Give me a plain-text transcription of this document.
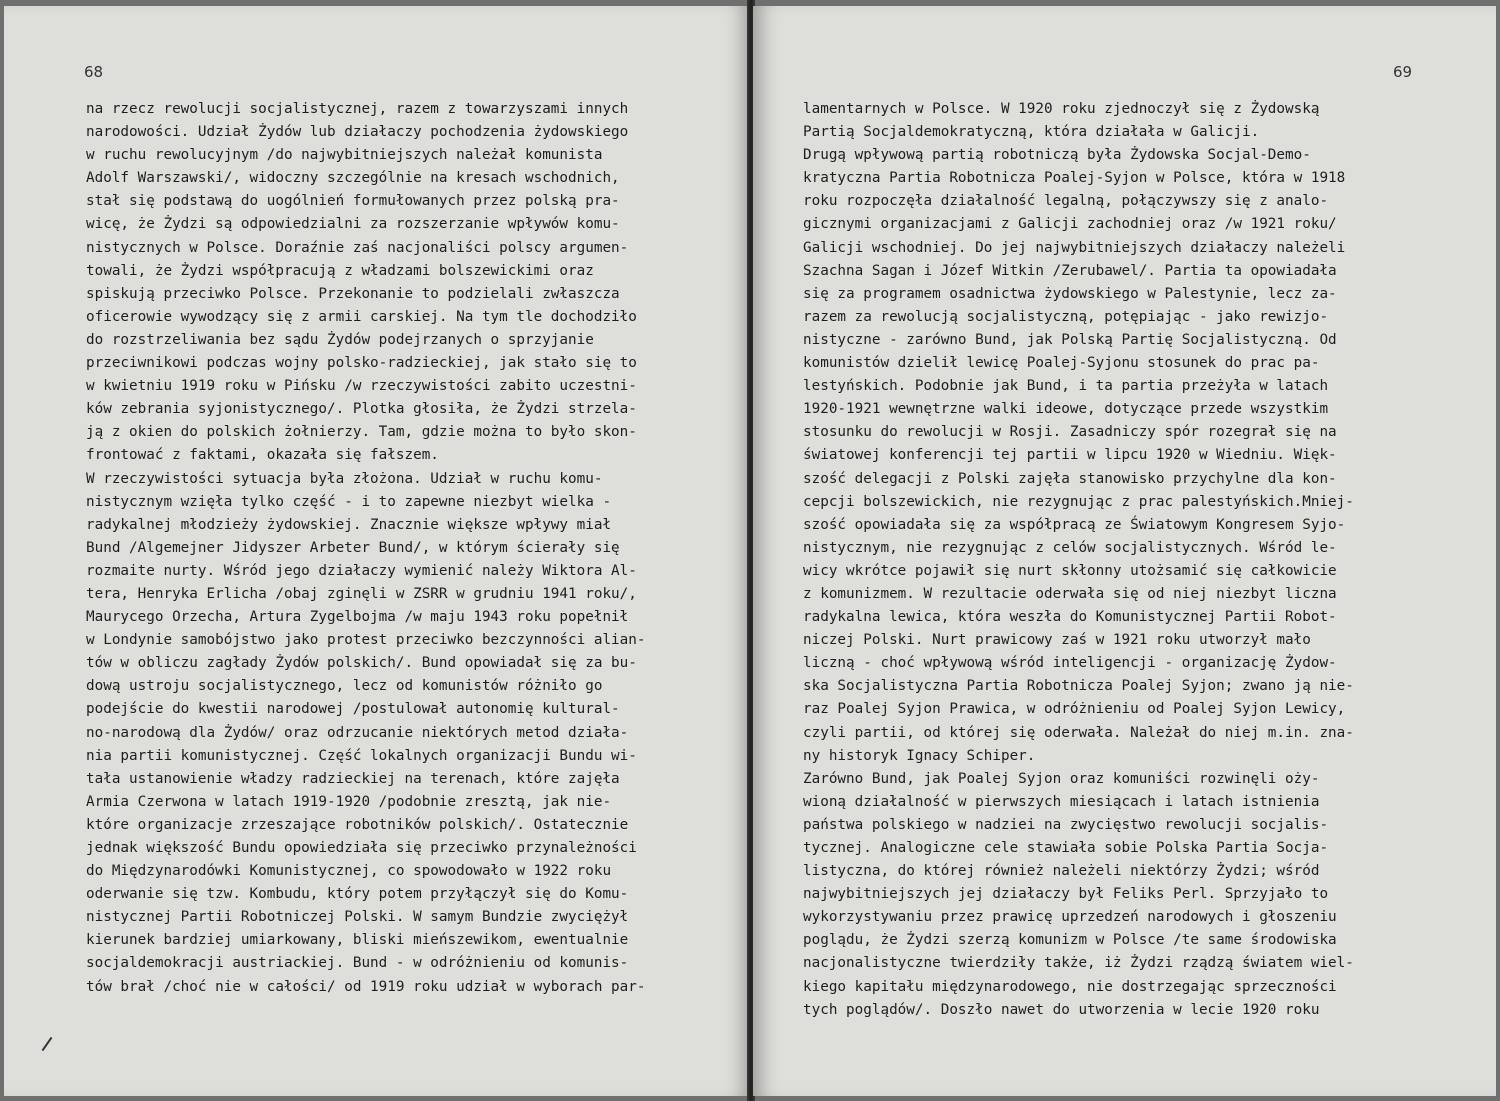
68
na rzecz rewolucji socjalistycznej, razem z towarzyszami innych
narodowości. Udział Żydów lub działaczy pochodzenia żydowskiego
w ruchu rewolucyjnym /do najwybitniejszych należał komunista
Adolf Warszawski/, widoczny szczególnie na kresach wschodnich,
stał się podstawą do uogólnień formułowanych przez polską pra-
wicę, że Żydzi są odpowiedzialni za rozszerzanie wpływów komu-
nistycznych w Polsce. Doraźnie zaś nacjonaliści polscy argumen-
towali, że Żydzi współpracują z władzami bolszewickimi oraz
spiskują przeciwko Polsce. Przekonanie to podzielali zwłaszcza
oficerowie wywodzący się z armii carskiej. Na tym tle dochodziło
do rozstrzeliwania bez sądu Żydów podejrzanych o sprzyjanie
przeciwnikowi podczas wojny polsko-radzieckiej, jak stało się to
w kwietniu 1919 roku w Pińsku /w rzeczywistości zabito uczestni-
ków zebrania syjonistycznego/. Plotka głosiła, że Żydzi strzela-
ją z okien do polskich żołnierzy. Tam, gdzie można to było skon-
frontować z faktami, okazała się fałszem.
W rzeczywistości sytuacja była złożona. Udział w ruchu komu-
nistycznym wzięła tylko część - i to zapewne niezbyt wielka -
radykalnej młodzieży żydowskiej. Znacznie większe wpływy miał
Bund /Algemejner Jidyszer Arbeter Bund/, w którym ścierały się
rozmaite nurty. Wśród jego działaczy wymienić należy Wiktora Al-
tera, Henryka Erlicha /obaj zginęli w ZSRR w grudniu 1941 roku/,
Maurycego Orzecha, Artura Zygelbojma /w maju 1943 roku popełnił
w Londynie samobójstwo jako protest przeciwko bezczynności alian-
tów w obliczu zagłady Żydów polskich/. Bund opowiadał się za bu-
dową ustroju socjalistycznego, lecz od komunistów różniło go
podejście do kwestii narodowej /postulował autonomię kultural-
no-narodową dla Żydów/ oraz odrzucanie niektórych metod działa-
nia partii komunistycznej. Część lokalnych organizacji Bundu wi-
tała ustanowienie władzy radzieckiej na terenach, które zajęła
Armia Czerwona w latach 1919-1920 /podobnie zresztą, jak nie-
które organizacje zrzeszające robotników polskich/. Ostatecznie
jednak większość Bundu opowiedziała się przeciwko przynależności
do Międzynarodówki Komunistycznej, co spowodowało w 1922 roku
oderwanie się tzw. Kombudu, który potem przyłączył się do Komu-
nistycznej Partii Robotniczej Polski. W samym Bundzie zwyciężył
kierunek bardziej umiarkowany, bliski mieńszewikom, ewentualnie
socjaldemokracji austriackiej. Bund - w odróżnieniu od komunis-
tów brał /choć nie w całości/ od 1919 roku udział w wyborach par-
69
lamentarnych w Polsce. W 1920 roku zjednoczył się z Żydowską
Partią Socjaldemokratyczną, która działała w Galicji.
Drugą wpływową partią robotniczą była Żydowska Socjal-Demo-
kratyczna Partia Robotnicza Poalej-Syjon w Polsce, która w 1918
roku rozpoczęła działalność legalną, połączywszy się z analo-
gicznymi organizacjami z Galicji zachodniej oraz /w 1921 roku/
Galicji wschodniej. Do jej najwybitniejszych działaczy należeli
Szachna Sagan i Józef Witkin /Zerubawel/. Partia ta opowiadała
się za programem osadnictwa żydowskiego w Palestynie, lecz za-
razem za rewolucją socjalistyczną, potępiając - jako rewizjo-
nistyczne - zarówno Bund, jak Polską Partię Socjalistyczną. Od
komunistów dzielił lewicę Poalej-Syjonu stosunek do prac pa-
lestyńskich. Podobnie jak Bund, i ta partia przeżyła w latach
1920-1921 wewnętrzne walki ideowe, dotyczące przede wszystkim
stosunku do rewolucji w Rosji. Zasadniczy spór rozegrał się na
światowej konferencji tej partii w lipcu 1920 w Wiedniu. Więk-
szość delegacji z Polski zajęła stanowisko przychylne dla kon-
cepcji bolszewickich, nie rezygnując z prac palestyńskich.Mniej-
szość opowiadała się za współpracą ze Światowym Kongresem Syjo-
nistycznym, nie rezygnując z celów socjalistycznych. Wśród le-
wicy wkrótce pojawił się nurt skłonny utożsamić się całkowicie
z komunizmem. W rezultacie oderwała się od niej niezbyt liczna
radykalna lewica, która weszła do Komunistycznej Partii Robot-
niczej Polski. Nurt prawicowy zaś w 1921 roku utworzył mało
liczną - choć wpływową wśród inteligencji - organizację Żydow-
ska Socjalistyczna Partia Robotnicza Poalej Syjon; zwano ją nie-
raz Poalej Syjon Prawica, w odróżnieniu od Poalej Syjon Lewicy,
czyli partii, od której się oderwała. Należał do niej m.in. zna-
ny historyk Ignacy Schiper.
Zarówno Bund, jak Poalej Syjon oraz komuniści rozwinęli oży-
wioną działalność w pierwszych miesiącach i latach istnienia
państwa polskiego w nadziei na zwycięstwo rewolucji socjalis-
tycznej. Analogiczne cele stawiała sobie Polska Partia Socja-
listyczna, do której również należeli niektórzy Żydzi; wśród
najwybitniejszych jej działaczy był Feliks Perl. Sprzyjało to
wykorzystywaniu przez prawicę uprzedzeń narodowych i głoszeniu
poglądu, że Żydzi szerzą komunizm w Polsce /te same środowiska
nacjonalistyczne twierdziły także, iż Żydzi rządzą światem wiel-
kiego kapitału międzynarodowego, nie dostrzegając sprzeczności
tych poglądów/. Doszło nawet do utworzenia w lecie 1920 roku
